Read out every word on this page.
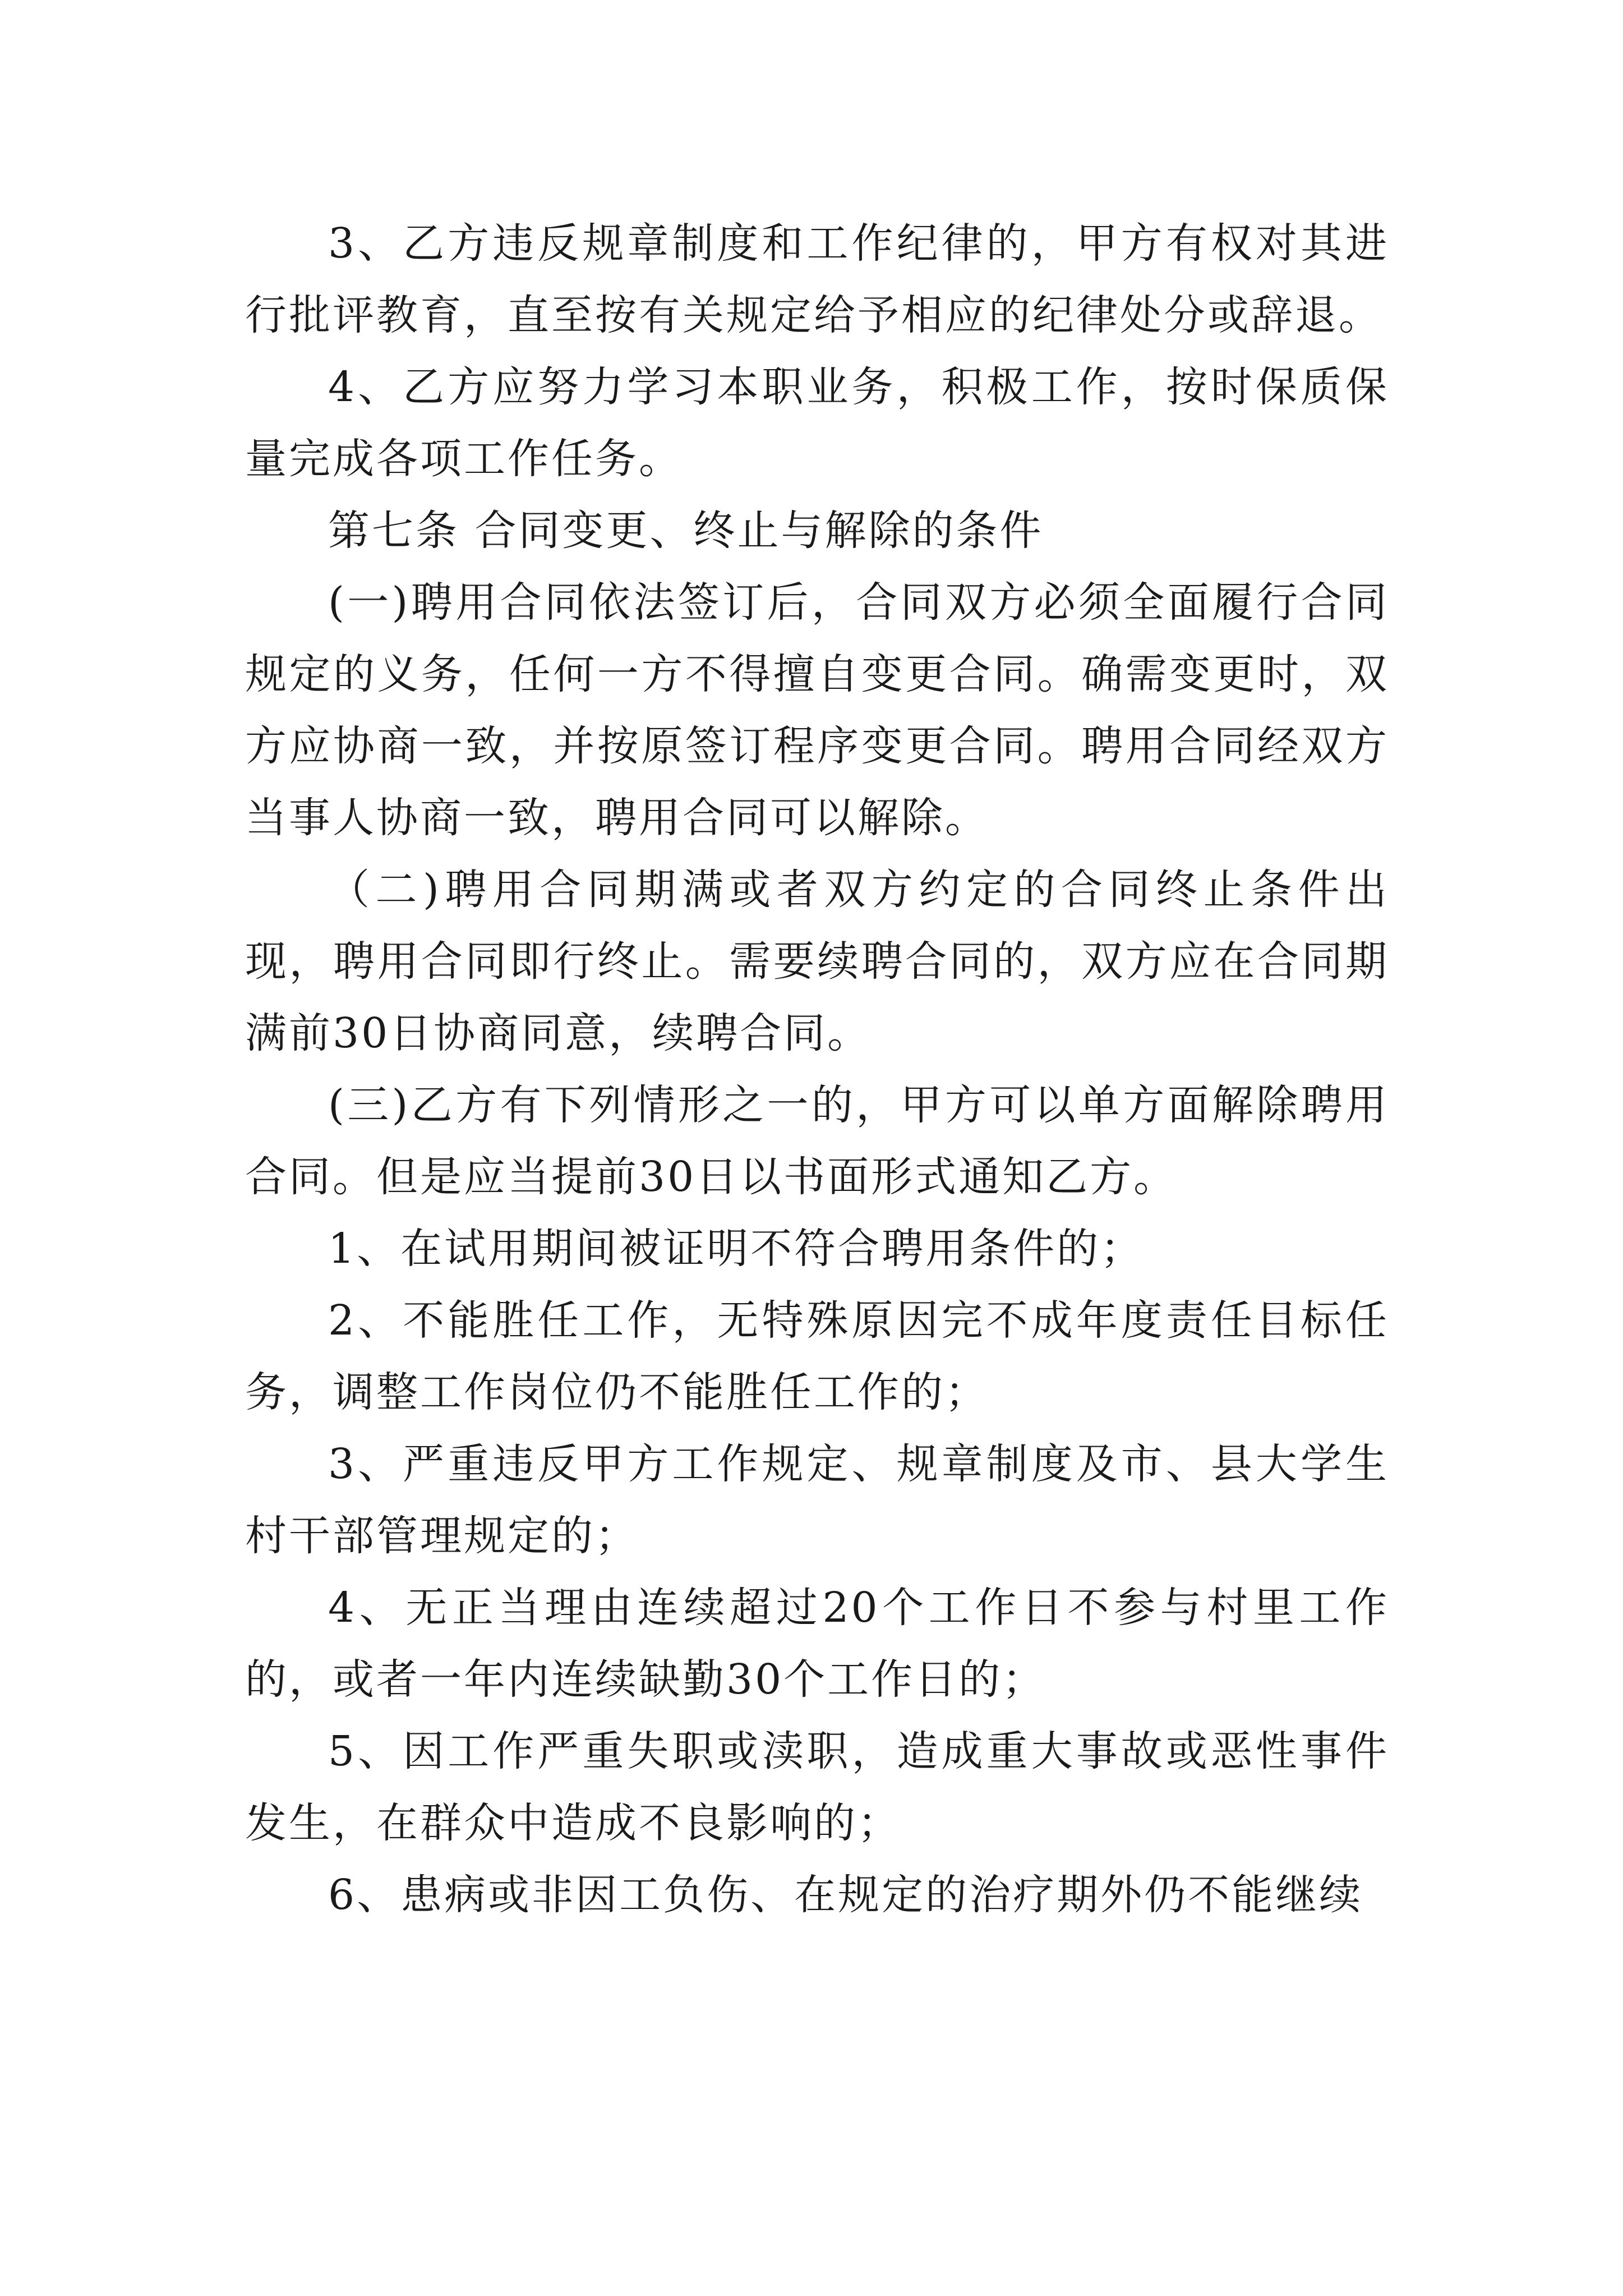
3、乙方违反规章制度和工作纪律的，甲方有权对其进行批评教育，直至按有关规定给予相应的纪律处分或辞退。

4、乙方应努力学习本职业务，积极工作，按时保质保量完成各项工作任务。

第七条 合同变更、终止与解除的条件

(一)聘用合同依法签订后，合同双方必须全面履行合同规定的义务，任何一方不得擅自变更合同。确需变更时，双方应协商一致，并按原签订程序变更合同。聘用合同经双方当事人协商一致，聘用合同可以解除。

（二)聘用合同期满或者双方约定的合同终止条件出现，聘用合同即行终止。需要续聘合同的，双方应在合同期满前30日协商同意，续聘合同。

(三)乙方有下列情形之一的，甲方可以单方面解除聘用合同。但是应当提前30日以书面形式通知乙方。

1、在试用期间被证明不符合聘用条件的；

2、不能胜任工作，无特殊原因完不成年度责任目标任务，调整工作岗位仍不能胜任工作的；

3、严重违反甲方工作规定、规章制度及市、县大学生村干部管理规定的；

4、无正当理由连续超过20个工作日不参与村里工作的，或者一年内连续缺勤30个工作日的；

5、因工作严重失职或渎职，造成重大事故或恶性事件发生，在群众中造成不良影响的；

6、患病或非因工负伤、在规定的治疗期外仍不能继续
